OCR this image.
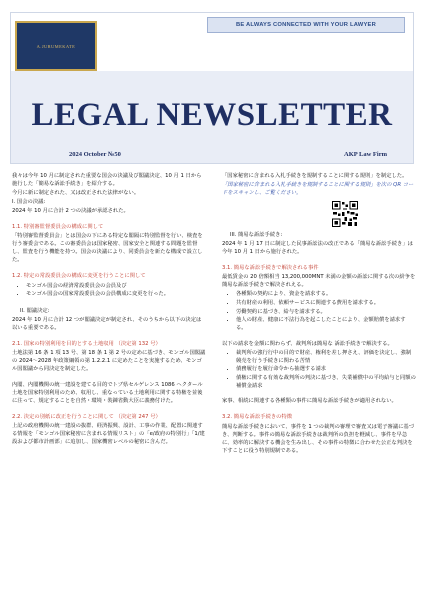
A.JURUMEKATE
BE ALWAYS CONNECTED WITH YOUR LAWYER
LEGAL NEWSLETTER
2024 October №50	AKP Law Firm
我々は今年 10 月に制定された重要な国会の決議及び閣議決定、10 月 1 日から施行した「簡易な訴訟手続き」を紹介する。
今月に新に制定された、又は改正された法律がない。
I. 国会の決議:
2024 年 10 月に合計 2 つの決議が承認された。
1.1. 特別審監督委員会の構成に関して
「特別審監督委員会」とは国会の下にある特定な閣隔に特別監督を行い、検査を行う審委会である。この審委員会は国家秘密、国家安全と関連する問題を監督し、監査を行う機能を持つ。国会の決議により、同委員会を新たな構成で設立した。
1.2. 特定の常設委員会の構成に変更を行うことに関して
• モンゴル国会の経済常設委員会の会員及び
• モンゴル国会の国家常設委員会の会員構成に変更を行った。
II. 閣議決定:
2024 年 10 月に合計 12 つが閣議決定が制定され、そのうちから以下の決定は以いる重要である。
2.1. 国家の特別利用を目的とする土地収用 （決定第 132 号）
土地法第 16 条 1 項 13 号、第 18 条 1 第 2 号の定めに基づき、モンゴル国閣議の 2024～2028 年政策綱領の第 1.2.2.1 に定めたことを実施するため、モンゴル国閣議から同決定を制定した。
内閣、内閣機関の統一建設を建てる目的でトブ県セルゲレンス 1086 ヘクタール土地を国家特別利用のため、収用し、重なっている土地利用に関する特権を並後に注って、規定することを自然・環境・裝錬省動大臣に義務付けた。
2.2. 決定の別紙に改正を行うことに関して （決定第 247 号）
上記の政府機関の統一建設の抜群、経済振興、設計、工事の作業、配置に関連する情報を「モンゴル国家秘密に含まれる情報リスト」の「e/政府の特別行」「1/建設および都市計画部」に追加し、国家機密レベルの秘密に含んだ。
「国家秘密に含まれる入札手続きを規制することに関する規則」を制定した。
「国家秘密に含まれる入札手続きを規制することに関する規則」を次の QR コードをスキャンし、ご覧ください。
III. 簡易な訴訟手続き:
2024 年 1 月 17 日に制定した民事訴訟法の改正である「簡易な訴訟手続き」は今年 10 月 1 日から施行された。
3.1. 簡易な訴訟手続きで解決される事件
最低賃金の 20 倍額相当 13,200,000MNT 未満の金額の訴訟に関する次の紛争を簡易な訴訟手続きで解決されえる。
• 各種類の契約により、資金を請求する。
• 共有財産の利用、依頼サービスに関連する費用を請求する。
• 労働契約に基づき、給与を請求する。
• 他人の財産、健康に不法行為を起こしたことにより、金額賠償を請求する。
以下の請求を金額に関わらず、裁判所は簡易な 訴訟手続きで解決する。
• 裁判所の強行行中の目的で財産、権利を差し押さえ、評価を決定し、強制競売を行う手続きに関わる苦情
• 債務履行を履行命令から抽選する請求
• 債権に関する有効な裁判所の判決に基づき、失業補償中の平均給与と同額の補償金請求
家事、相続に関連する各種類の事件に簡易な訴訟手続きが適用されない。
3.2. 簡易な訴訟手続きの特徴
簡易な訴訟手続きにおいて、事件を 1 つの裁判の審理で審査又は電子審議に基づき、判断する。事件の簡易な訴訟手続きは裁判所の負担を軽減し、事件を早急に、効率的に解決する機会を生み出し、その事件の特徴に合わせた公正な判決を下すことに役う特別規制である。
